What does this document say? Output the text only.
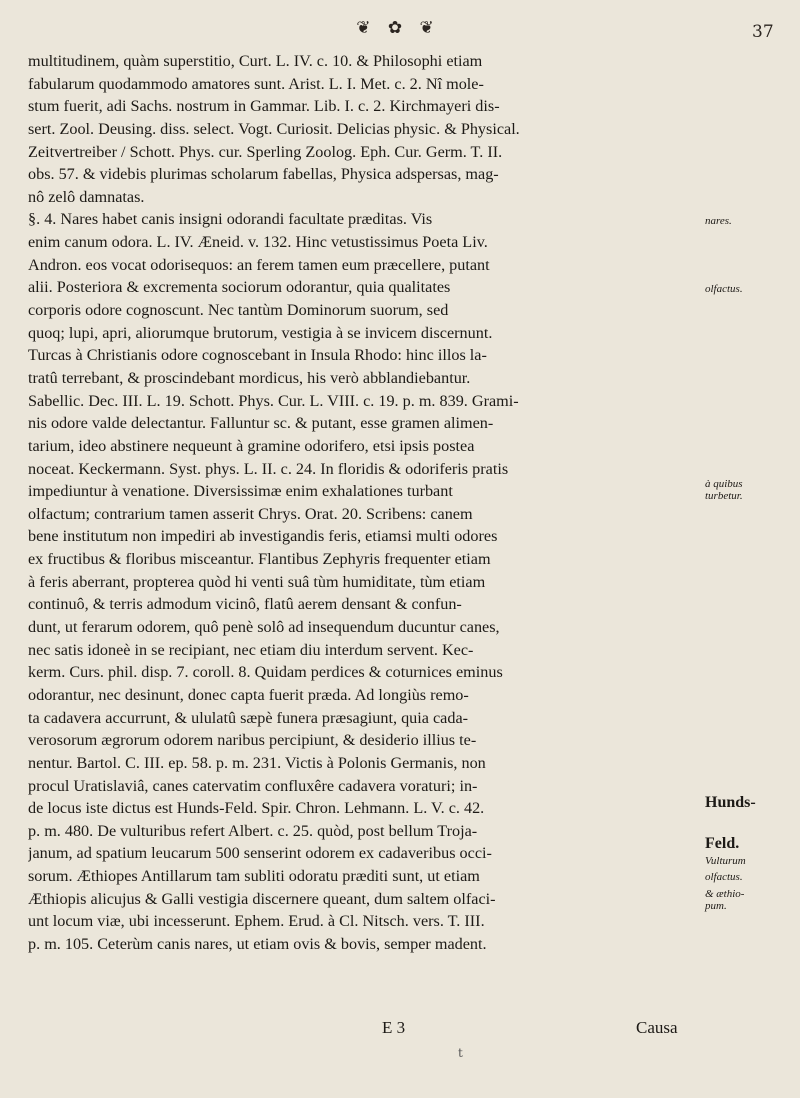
❦ ✿ ❦	37
multitudinem, quàm superstitio, Curt. L. IV. c. 10. & Philosophi etiam
fabularum quodammodo amatores sunt. Arist. L. I. Met. c. 2. Nî mole-
stum fuerit, adi Sachs. nostrum in Gammar. Lib. I. c. 2. Kirchmayeri dis-
sert. Zool. Deusing. diss. select. Vogt. Curiosit. Delicias physic. & Physical.
Zeitvertreiber / Schott. Phys. cur. Sperling Zoolog. Eph. Cur. Germ. T. II.
obs. 57. & videbis plurimas scholarum fabellas, Physica adspersas, mag-
nô zelô damnatas.
§. 4. Nares habet canis insigni odorandi facultate præditas. Vis
enim canum odora. L. IV. Æneid. v. 132. Hinc vetustissimus Poeta Liv.
Andron. eos vocat odorisequos: an ferem tamen eum præcellere, putant
alii. Posteriora & excrementa sociorum odorantur, quia qualitates
corporis odore cognoscunt. Nec tantùm Dominorum suorum, sed
quoq; lupi, apri, aliorumque brutorum, vestigia à se invicem discernunt.
Turcas à Christianis odore cognoscebant in Insula Rhodo: hinc illos la-
tratû terrebant, & proscindebant mordicus, his verò abblandiebantur.
Sabellic. Dec. III. L. 19. Schott. Phys. Cur. L. VIII. c. 19. p. m. 839. Grami-
nis odore valde delectantur. Falluntur sc. & putant, esse gramen alimen-
tarium, ideo abstinere nequeunt à gramine odorifero, etsi ipsis postea
noceat. Keckermann. Syst. phys. L. II. c. 24. In floridis & odoriferis pratis
impediuntur à venatione. Diversissimæ enim exhalationes turbant
olfactum; contrarium tamen asserit Chrys. Orat. 20. Scribens: canem
bene institutum non impediri ab investigandis feris, etiamsi multi odores
ex fructibus & floribus misceantur. Flantibus Zephyris frequenter etiam
à feris aberrant, propterea quòd hi venti suâ tùm humiditate, tùm etiam
continuô, & terris admodum vicinô, flatû aerem densant & confun-
dunt, ut ferarum odorem, quô penè solô ad insequendum ducuntur canes,
nec satis idoneè in se recipiant, nec etiam diu interdum servent. Kec-
kerm. Curs. phil. disp. 7. coroll. 8. Quidam perdices & coturnices eminus
odorantur, nec desinunt, donec capta fuerit præda. Ad longiùs remo-
ta cadavera accurrunt, & ululatû sæpè funera præsagiunt, quia cada-
verosorum ægrorum odorem naribus percipiunt, & desiderio illius te-
nentur. Bartol. C. III. ep. 58. p. m. 231. Victis à Polonis Germanis, non
procul Uratislaviâ, canes catervatim confluxêre cadavera voraturi; in-
de locus iste dictus est Hunds-Feld. Spir. Chron. Lehmann. L. V. c. 42.
p. m. 480. De vulturibus refert Albert. c. 25. quòd, post bellum Troja-
janum, ad spatium leucarum 500 senserint odorem ex cadaveribus occi-
sorum. Æthiopes Antillarum tam subliti odoratu præditi sunt, ut etiam
Æthiopis alicujus & Galli vestigia discernere queant, dum saltem olfaci-
unt locum viæ, ubi incesserunt. Ephem. Erud. à Cl. Nitsch. vers. T. III.
p. m. 105. Ceterùm canis nares, ut etiam ovis & bovis, semper madent.
nares.
olfactus.
à quibus
turbetur.
Hunds-
Feld.
Vulturum
olfactus.
& æthio-
pum.
E 3	Causa
t
